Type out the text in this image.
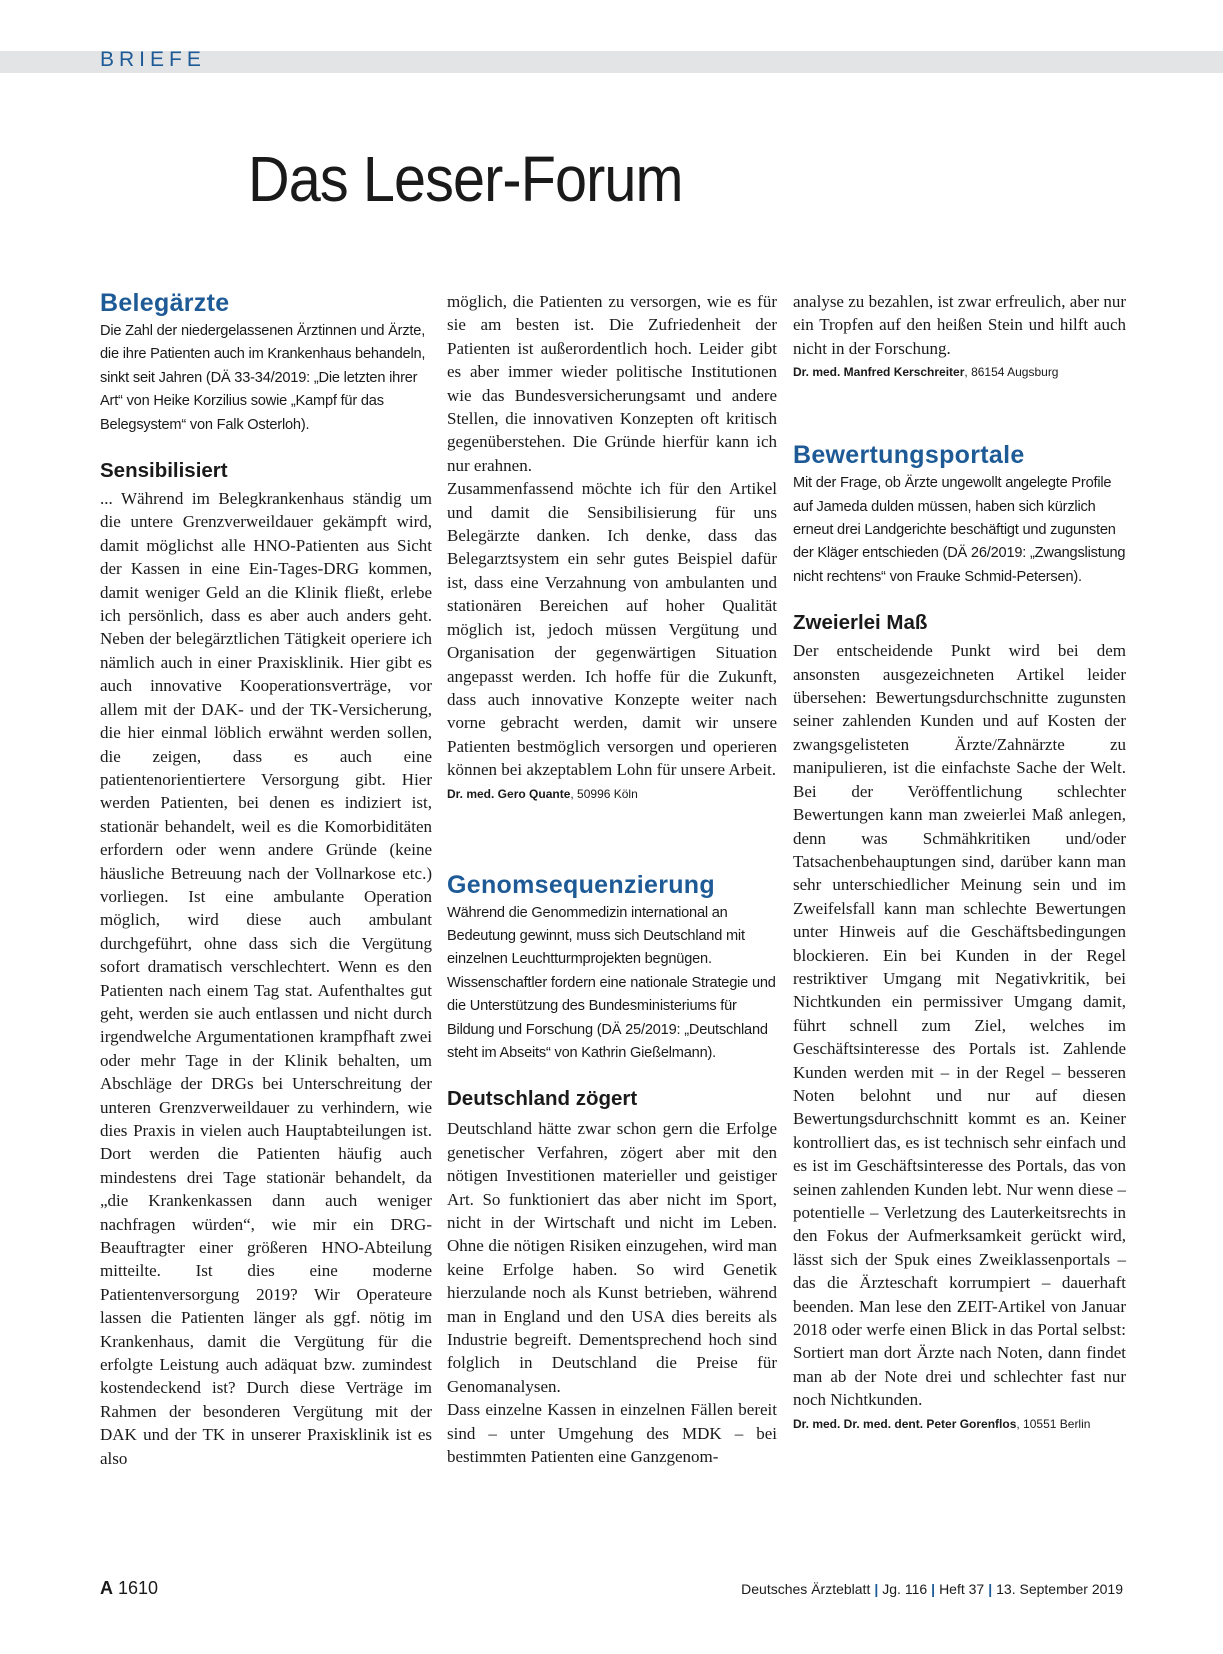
BRIEFE
Das Leser-Forum
Belegärzte

Die Zahl der niedergelassenen Ärztinnen und Ärzte, die ihre Patienten auch im Krankenhaus behandeln, sinkt seit Jahren (DÄ 33-34/2019: „Die letzten ihrer Art“ von Heike Korzilius sowie „Kampf für das Belegsystem“ von Falk Osterloh).

Sensibilisiert

... Während im Belegkrankenhaus ständig um die untere Grenzverweildauer gekämpft wird, damit möglichst alle HNO-Patienten aus Sicht der Kassen in eine Ein-Tages-DRG kommen, damit weniger Geld an die Klinik fließt, erlebe ich persönlich, dass es aber auch anders geht. Neben der belegärztlichen Tätigkeit operiere ich nämlich auch in einer Praxisklinik. Hier gibt es auch innovative Kooperationsverträge, vor allem mit der DAK- und der TK-Versicherung, die hier einmal löblich erwähnt werden sollen, die zeigen, dass es auch eine patientenorientiertere Versorgung gibt. Hier werden Patienten, bei denen es indiziert ist, stationär behandelt, weil es die Komorbiditäten erfordern oder wenn andere Gründe (keine häusliche Betreuung nach der Vollnarkose etc.) vorliegen. Ist eine ambulante Operation möglich, wird diese auch ambulant durchgeführt, ohne dass sich die Vergütung sofort dramatisch verschlechtert. Wenn es den Patienten nach einem Tag stat. Aufenthaltes gut geht, werden sie auch entlassen und nicht durch irgendwelche Argumentationen krampfhaft zwei oder mehr Tage in der Klinik behalten, um Abschläge der DRGs bei Unterschreitung der unteren Grenzverweildauer zu verhindern, wie dies Praxis in vielen auch Hauptabteilungen ist. Dort werden die Patienten häufig auch mindestens drei Tage stationär behandelt, da „die Krankenkassen dann auch weniger nachfragen würden“, wie mir ein DRG-Beauftragter einer größeren HNO-Abteilung mitteilte. Ist dies eine moderne Patientenversorgung 2019? Wir Operateure lassen die Patienten länger als ggf. nötig im Krankenhaus, damit die Vergütung für die erfolgte Leistung auch adäquat bzw. zumindest kostendeckend ist? Durch diese Verträge im Rahmen der besonderen Vergütung mit der DAK und der TK in unserer Praxisklinik ist es also

möglich, die Patienten zu versorgen, wie es für sie am besten ist. Die Zufriedenheit der Patienten ist außerordentlich hoch. Leider gibt es aber immer wieder politische Institutionen wie das Bundesversicherungsamt und andere Stellen, die innovativen Konzepten oft kritisch gegenüberstehen. Die Gründe hierfür kann ich nur erahnen.

Zusammenfassend möchte ich für den Artikel und damit die Sensibilisierung für uns Belegärzte danken. Ich denke, dass das Belegarztsystem ein sehr gutes Beispiel dafür ist, dass eine Verzahnung von ambulanten und stationären Bereichen auf hoher Qualität möglich ist, jedoch müssen Vergütung und Organisation der gegenwärtigen Situation angepasst werden. Ich hoffe für die Zukunft, dass auch innovative Konzepte weiter nach vorne gebracht werden, damit wir unsere Patienten bestmöglich versorgen und operieren können bei akzeptablem Lohn für unsere Arbeit.

Dr. med. Gero Quante, 50996 Köln

Genomsequenzierung

Während die Genommedizin international an Bedeutung gewinnt, muss sich Deutschland mit einzelnen Leuchtturmprojekten begnügen. Wissenschaftler fordern eine nationale Strategie und die Unterstützung des Bundesministeriums für Bildung und Forschung (DÄ 25/2019: „Deutschland steht im Abseits“ von Kathrin Gießelmann).

Deutschland zögert

Deutschland hätte zwar schon gern die Erfolge genetischer Verfahren, zögert aber mit den nötigen Investitionen materieller und geistiger Art. So funktioniert das aber nicht im Sport, nicht in der Wirtschaft und nicht im Leben. Ohne die nötigen Risiken einzugehen, wird man keine Erfolge haben. So wird Genetik hierzulande noch als Kunst betrieben, während man in England und den USA dies bereits als Industrie begreift. Dementsprechend hoch sind folglich in Deutschland die Preise für Genomanalysen.

Dass einzelne Kassen in einzelnen Fällen bereit sind – unter Umgehung des MDK – bei bestimmten Patienten eine Ganzgenom-

analyse zu bezahlen, ist zwar erfreulich, aber nur ein Tropfen auf den heißen Stein und hilft auch nicht in der Forschung.

Dr. med. Manfred Kerschreiter, 86154 Augsburg

Bewertungsportale

Mit der Frage, ob Ärzte ungewollt angelegte Profile auf Jameda dulden müssen, haben sich kürzlich erneut drei Landgerichte beschäftigt und zugunsten der Kläger entschieden (DÄ 26/2019: „Zwangslistung nicht rechtens“ von Frauke Schmid-Petersen).

Zweierlei Maß

Der entscheidende Punkt wird bei dem ansonsten ausgezeichneten Artikel leider übersehen: Bewertungsdurchschnitte zugunsten seiner zahlenden Kunden und auf Kosten der zwangsgelisteten Ärzte/Zahnärzte zu manipulieren, ist die einfachste Sache der Welt. Bei der Veröffentlichung schlechter Bewertungen kann man zweierlei Maß anlegen, denn was Schmähkritiken und/oder Tatsachenbehauptungen sind, darüber kann man sehr unterschiedlicher Meinung sein und im Zweifelsfall kann man schlechte Bewertungen unter Hinweis auf die Geschäftsbedingungen blockieren. Ein bei Kunden in der Regel restriktiver Umgang mit Negativkritik, bei Nichtkunden ein permissiver Umgang damit, führt schnell zum Ziel, welches im Geschäftsinteresse des Portals ist. Zahlende Kunden werden mit – in der Regel – besseren Noten belohnt und nur auf diesen Bewertungsdurchschnitt kommt es an. Keiner kontrolliert das, es ist technisch sehr einfach und es ist im Geschäftsinteresse des Portals, das von seinen zahlenden Kunden lebt. Nur wenn diese – potentielle – Verletzung des Lauterkeitsrechts in den Fokus der Aufmerksamkeit gerückt wird, lässt sich der Spuk eines Zweiklassenportals – das die Ärzteschaft korrumpiert – dauerhaft beenden. Man lese den ZEIT-Artikel von Januar 2018 oder werfe einen Blick in das Portal selbst: Sortiert man dort Ärzte nach Noten, dann findet man ab der Note drei und schlechter fast nur noch Nichtkunden.

Dr. med. Dr. med. dent. Peter Gorenflos, 10551 Berlin

A 1610	Deutsches Ärzteblatt | Jg. 116 | Heft 37 | 13. September 2019
